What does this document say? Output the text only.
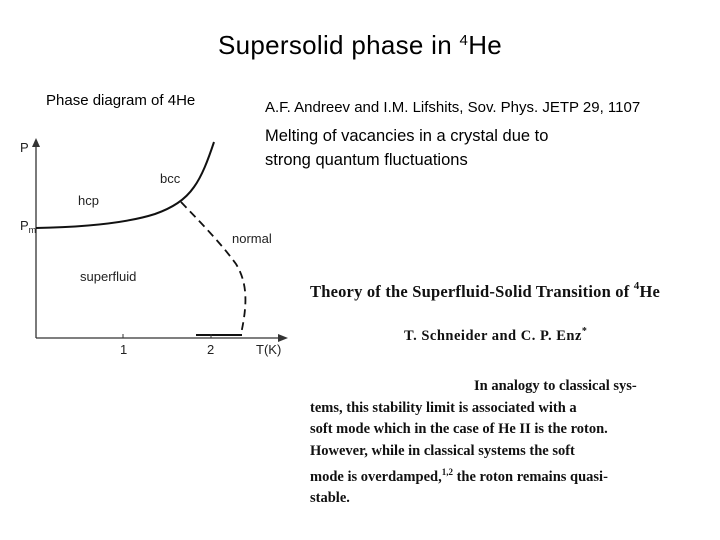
Supersolid phase in $^4$He
Phase diagram of 4He	A.F. Andreev and I.M. Lifshits, Sov. Phys. JETP 29, 1107
Melting of vacancies in a crystal due to
strong quantum fluctuations
P
$P_m$
T(K)
1	2
hcp
bcc
normal
superfluid
Theory of the Superfluid-Solid Transition of $^4$He
T. Schneider and C. P. Enz*
In analogy to classical sys-
tems, this stability limit is associated with a
soft mode which in the case of He II is the roton.
However, while in classical systems the soft
mode is overdamped,$^{1,2}$ the roton remains quasi-
stable.
